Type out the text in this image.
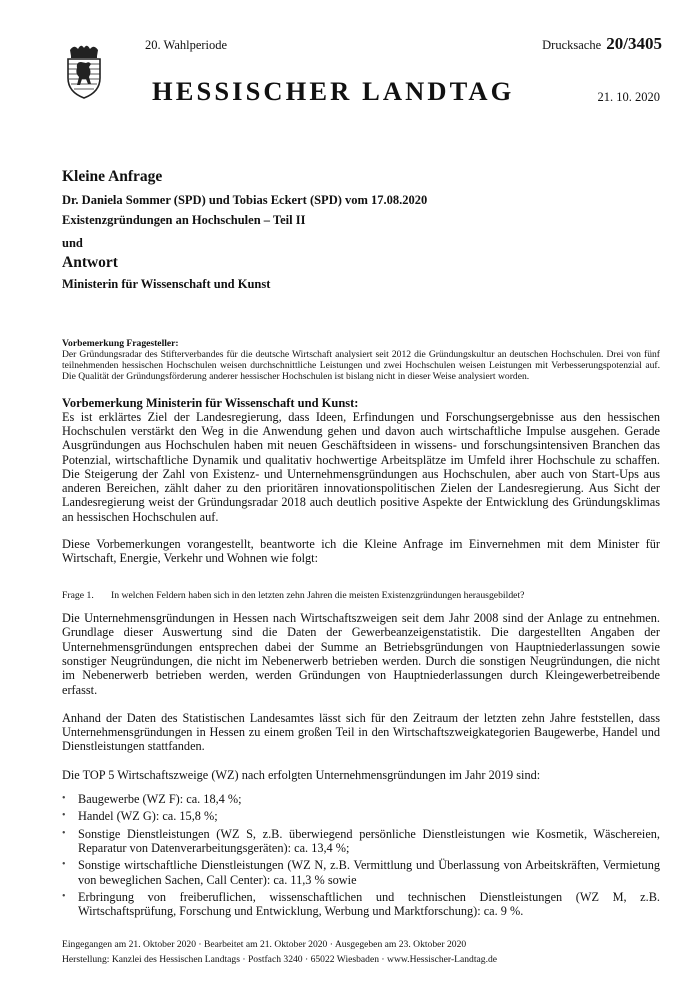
20. Wahlperiode	Drucksache 20/3405
HESSISCHER LANDTAG	21. 10. 2020

Kleine Anfrage

Dr. Daniela Sommer (SPD) und Tobias Eckert (SPD) vom 17.08.2020

Existenzgründungen an Hochschulen – Teil II

und

Antwort

Ministerin für Wissenschaft und Kunst

Vorbemerkung Fragesteller:

Der Gründungsradar des Stifterverbandes für die deutsche Wirtschaft analysiert seit 2012 die Gründungskultur an deutschen Hochschulen. Drei von fünf teilnehmenden hessischen Hochschulen weisen durchschnittliche Leistungen und zwei Hochschulen weisen Leistungen mit Verbesserungspotenzial auf. Die Qualität der Gründungsförderung anderer hessischer Hochschulen ist bislang nicht in dieser Weise analysiert worden.

Vorbemerkung Ministerin für Wissenschaft und Kunst:

Es ist erklärtes Ziel der Landesregierung, dass Ideen, Erfindungen und Forschungsergebnisse aus den hessischen Hochschulen verstärkt den Weg in die Anwendung gehen und davon auch wirtschaftliche Impulse ausgehen. Gerade Ausgründungen aus Hochschulen haben mit neuen Geschäftsideen in wissens- und forschungsintensiven Branchen das Potenzial, wirtschaftliche Dynamik und qualitativ hochwertige Arbeitsplätze im Umfeld ihrer Hochschule zu schaffen. Die Steigerung der Zahl von Existenz- und Unternehmensgründungen aus Hochschulen, aber auch von Start-Ups aus anderen Bereichen, zählt daher zu den prioritären innovationspolitischen Zielen der Landesregierung. Aus Sicht der Landesregierung weist der Gründungsradar 2018 auch deutlich positive Aspekte der Entwicklung des Gründungsklimas an hessischen Hochschulen auf.

Diese Vorbemerkungen vorangestellt, beantworte ich die Kleine Anfrage im Einvernehmen mit dem Minister für Wirtschaft, Energie, Verkehr und Wohnen wie folgt:

Frage 1.	In welchen Feldern haben sich in den letzten zehn Jahren die meisten Existenzgründungen herausgebildet?

Die Unternehmensgründungen in Hessen nach Wirtschaftszweigen seit dem Jahr 2008 sind der Anlage zu entnehmen. Grundlage dieser Auswertung sind die Daten der Gewerbeanzeigenstatistik. Die dargestellten Angaben der Unternehmensgründungen entsprechen dabei der Summe an Betriebsgründungen von Hauptniederlassungen sowie sonstiger Neugründungen, die nicht im Nebenerwerb betrieben werden. Durch die sonstigen Neugründungen, die nicht im Nebenerwerb betrieben werden, werden Gründungen von Hauptniederlassungen durch Kleingewerbetreibende erfasst.

Anhand der Daten des Statistischen Landesamtes lässt sich für den Zeitraum der letzten zehn Jahre feststellen, dass Unternehmensgründungen in Hessen zu einem großen Teil in den Wirtschaftszweigkategorien Baugewerbe, Handel und Dienstleistungen stattfanden.

Die TOP 5 Wirtschaftszweige (WZ) nach erfolgten Unternehmensgründungen im Jahr 2019 sind:

• Baugewerbe (WZ F): ca. 18,4 %;
• Handel (WZ G): ca. 15,8 %;
• Sonstige Dienstleistungen (WZ S, z.B. überwiegend persönliche Dienstleistungen wie Kosmetik, Wäschereien, Reparatur von Datenverarbeitungsgeräten): ca. 13,4 %;
• Sonstige wirtschaftliche Dienstleistungen (WZ N, z.B. Vermittlung und Überlassung von Arbeitskräften, Vermietung von beweglichen Sachen, Call Center): ca. 11,3 % sowie
• Erbringung von freiberuflichen, wissenschaftlichen und technischen Dienstleistungen (WZ M, z.B. Wirtschaftsprüfung, Forschung und Entwicklung, Werbung und Marktforschung): ca. 9 %.
Eingegangen am 21. Oktober 2020 · Bearbeitet am 21. Oktober 2020 · Ausgegeben am 23. Oktober 2020
Herstellung: Kanzlei des Hessischen Landtags · Postfach 3240 · 65022 Wiesbaden · www.Hessischer-Landtag.de
